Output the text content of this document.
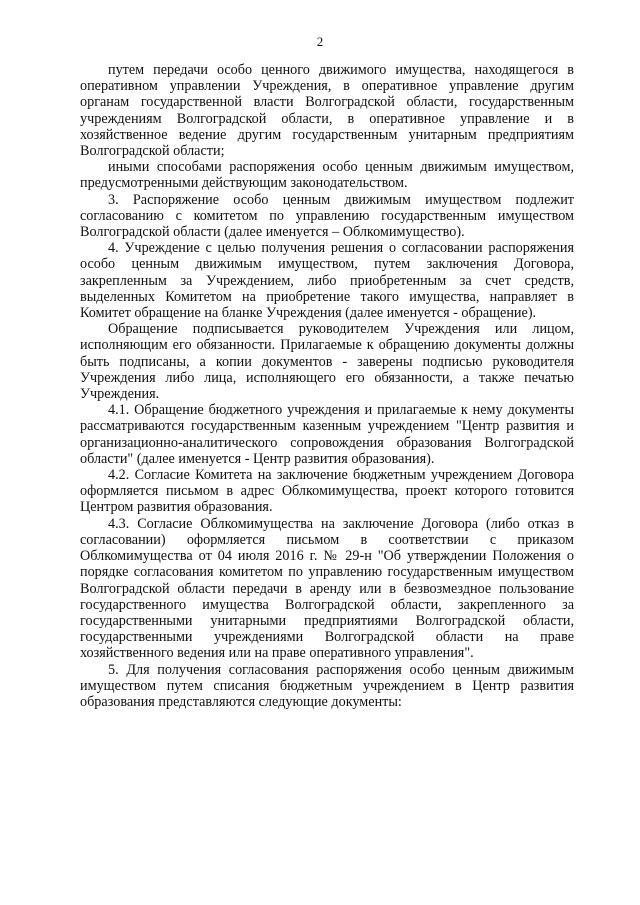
2

путем передачи особо ценного движимого имущества, находящегося в оперативном управлении Учреждения, в оперативное управление другим органам государственной власти Волгоградской области, государственным учреждениям Волгоградской области, в оперативное управление и в хозяйственное ведение другим государственным унитарным предприятиям Волгоградской области;

иными способами распоряжения особо ценным движимым имуществом, предусмотренными действующим законодательством.

3. Распоряжение особо ценным движимым имуществом подлежит согласованию с комитетом по управлению государственным имуществом Волгоградской области (далее именуется – Облкомимущество).

4. Учреждение с целью получения решения о согласовании распоряжения особо ценным движимым имуществом, путем заключения Договора, закрепленным за Учреждением, либо приобретенным за счет средств, выделенных Комитетом на приобретение такого имущества, направляет в Комитет обращение на бланке Учреждения (далее именуется - обращение).

Обращение подписывается руководителем Учреждения или лицом, исполняющим его обязанности. Прилагаемые к обращению документы должны быть подписаны, а копии документов - заверены подписью руководителя Учреждения либо лица, исполняющего его обязанности, а также печатью Учреждения.

4.1. Обращение бюджетного учреждения и прилагаемые к нему документы рассматриваются государственным казенным учреждением "Центр развития и организационно-аналитического сопровождения образования Волгоградской области" (далее именуется - Центр развития образования).

4.2. Согласие Комитета на заключение бюджетным учреждением Договора оформляется письмом в адрес Облкомимущества, проект которого готовится Центром развития образования.

4.3. Согласие Облкомимущества на заключение Договора (либо отказ в согласовании) оформляется письмом в соответствии с приказом Облкомимущества от 04 июля 2016 г. № 29-н "Об утверждении Положения о порядке согласования комитетом по управлению государственным имуществом Волгоградской области передачи в аренду или в безвозмездное пользование государственного имущества Волгоградской области, закрепленного за государственными унитарными предприятиями Волгоградской области, государственными учреждениями Волгоградской области на праве хозяйственного ведения или на праве оперативного управления".

5. Для получения согласования распоряжения особо ценным движимым имуществом путем списания бюджетным учреждением в Центр развития образования представляются следующие документы:
